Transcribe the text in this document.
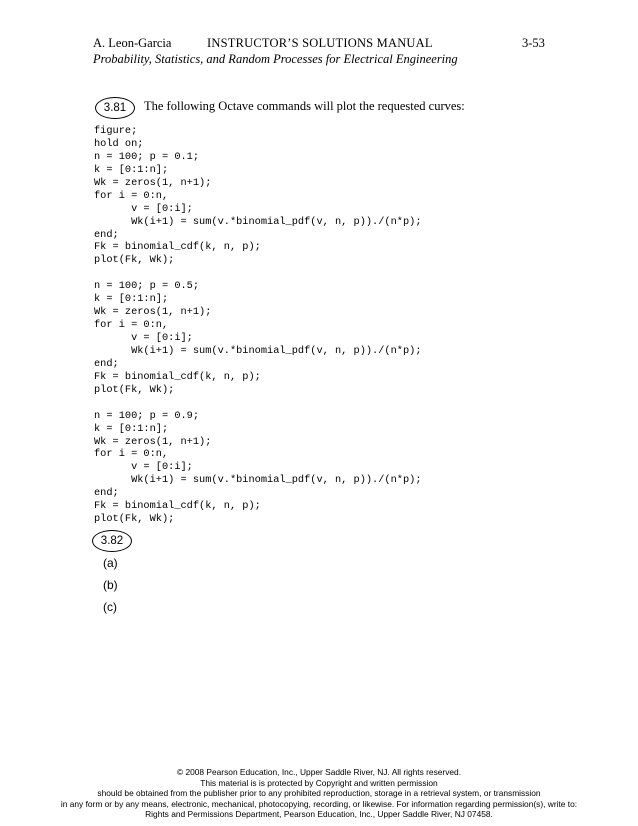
A. Leon-Garcia	INSTRUCTOR’S SOLUTIONS MANUAL	3-53
Probability, Statistics, and Random Processes for Electrical Engineering
3.81	The following Octave commands will plot the requested curves:
figure;
hold on;
n = 100; p = 0.1;
k = [0:1:n];
Wk = zeros(1, n+1);
for i = 0:n,
v = [0:i];
Wk(i+1) = sum(v.*binomial_pdf(v, n, p))./(n*p);
end;
Fk = binomial_cdf(k, n, p);
plot(Fk, Wk);
n = 100; p = 0.5;
k = [0:1:n];
Wk = zeros(1, n+1);
for i = 0:n,
v = [0:i];
Wk(i+1) = sum(v.*binomial_pdf(v, n, p))./(n*p);
end;
Fk = binomial_cdf(k, n, p);
plot(Fk, Wk);
n = 100; p = 0.9;
k = [0:1:n];
Wk = zeros(1, n+1);
for i = 0:n,
v = [0:i];
Wk(i+1) = sum(v.*binomial_pdf(v, n, p))./(n*p);
end;
Fk = binomial_cdf(k, n, p);
plot(Fk, Wk);
3.82
(a)
(b)
(c)
© 2008 Pearson Education, Inc., Upper Saddle River, NJ. All rights reserved.
This material is is protected by Copyright and written permission
should be obtained from the publisher prior to any prohibited reproduction, storage in a retrieval system, or transmission
in any form or by any means, electronic, mechanical, photocopying, recording, or likewise. For information regarding permission(s), write to:
Rights and Permissions Department, Pearson Education, Inc., Upper Saddle River, NJ 07458.
